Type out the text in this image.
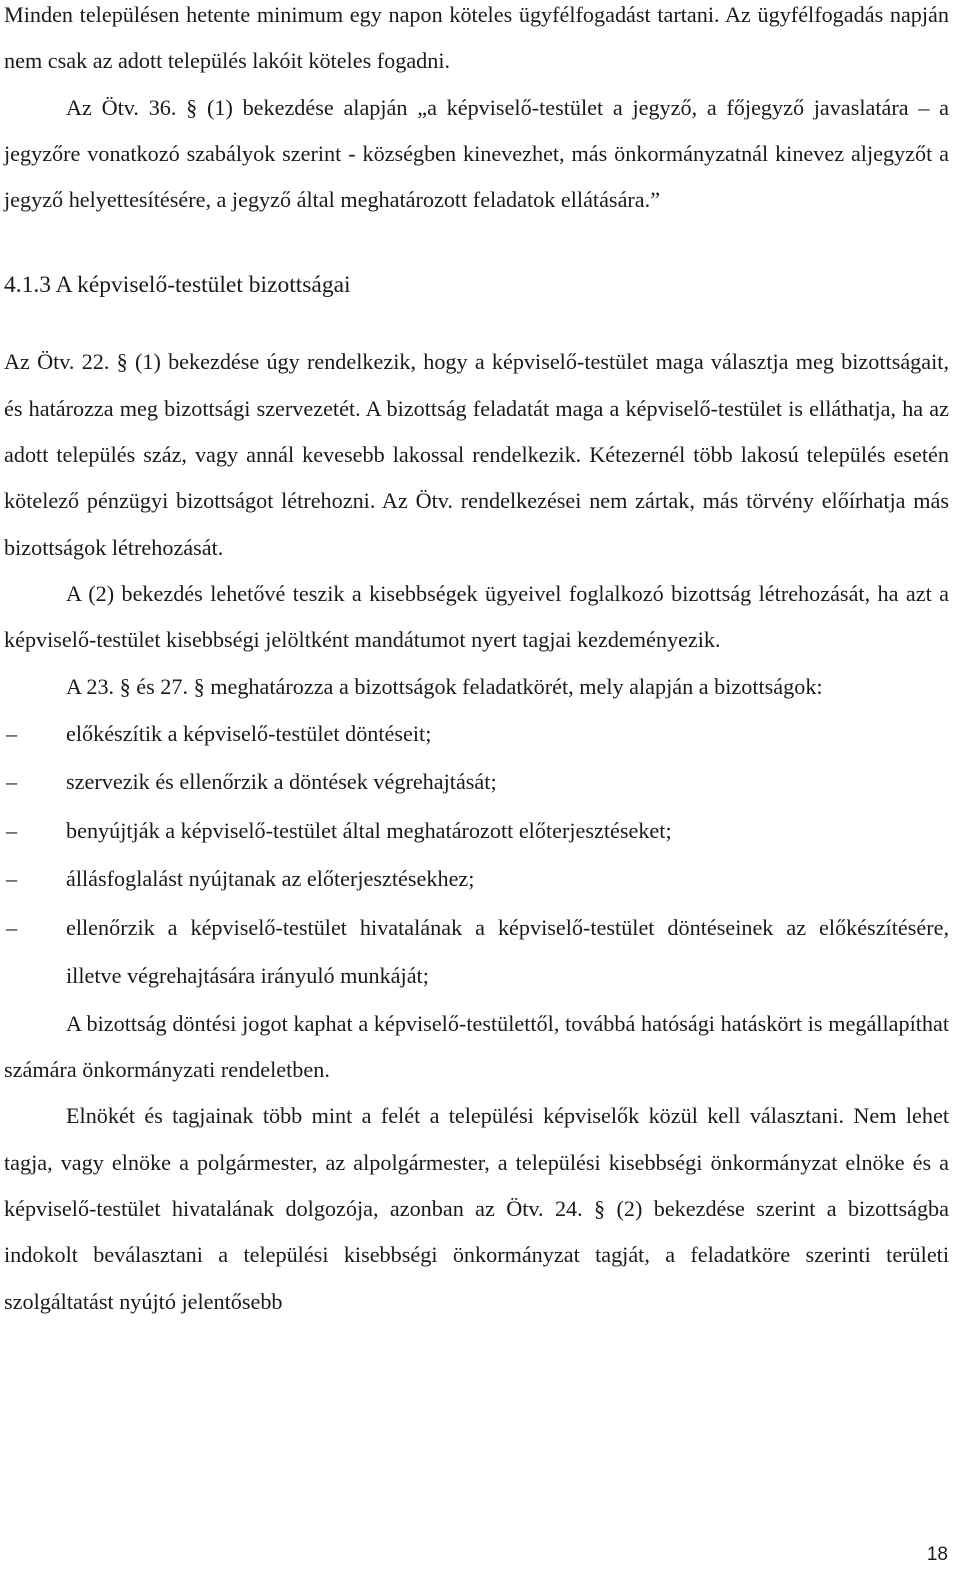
Minden településen hetente minimum egy napon köteles ügyfélfogadást tartani. Az ügyfélfogadás napján nem csak az adott település lakóit köteles fogadni.

Az Ötv. 36. § (1) bekezdése alapján „a képviselő-testület a jegyző, a főjegyző javaslatára – a jegyzőre vonatkozó szabályok szerint - községben kinevezhet, más önkormányzatnál kinevez aljegyzőt a jegyző helyettesítésére, a jegyző által meghatározott feladatok ellátására.”

4.1.3 A képviselő-testület bizottságai

Az Ötv. 22. § (1) bekezdése úgy rendelkezik, hogy a képviselő-testület maga választja meg bizottságait, és határozza meg bizottsági szervezetét. A bizottság feladatát maga a képviselő-testület is elláthatja, ha az adott település száz, vagy annál kevesebb lakossal rendelkezik. Kétezernél több lakosú település esetén kötelező pénzügyi bizottságot létrehozni. Az Ötv. rendelkezései nem zártak, más törvény előírhatja más bizottságok létrehozását.

A (2) bekezdés lehetővé teszik a kisebbségek ügyeivel foglalkozó bizottság létrehozását, ha azt a képviselő-testület kisebbségi jelöltként mandátumot nyert tagjai kezdeményezik.

A 23. § és 27. § meghatározza a bizottságok feladatkörét, mely alapján a bizottságok:

– előkészítik a képviselő-testület döntéseit;
– szervezik és ellenőrzik a döntések végrehajtását;
– benyújtják a képviselő-testület által meghatározott előterjesztéseket;
– állásfoglalást nyújtanak az előterjesztésekhez;
– ellenőrzik a képviselő-testület hivatalának a képviselő-testület döntéseinek az előkészítésére, illetve végrehajtására irányuló munkáját;

A bizottság döntési jogot kaphat a képviselő-testülettől, továbbá hatósági hatáskört is megállapíthat számára önkormányzati rendeletben.

Elnökét és tagjainak több mint a felét a települési képviselők közül kell választani. Nem lehet tagja, vagy elnöke a polgármester, az alpolgármester, a települési kisebbségi önkormányzat elnöke és a képviselő-testület hivatalának dolgozója, azonban az Ötv. 24. § (2) bekezdése szerint a bizottságba indokolt beválasztani a települési kisebbségi önkormányzat tagját, a feladatköre szerinti területi szolgáltatást nyújtó jelentősebb

18
